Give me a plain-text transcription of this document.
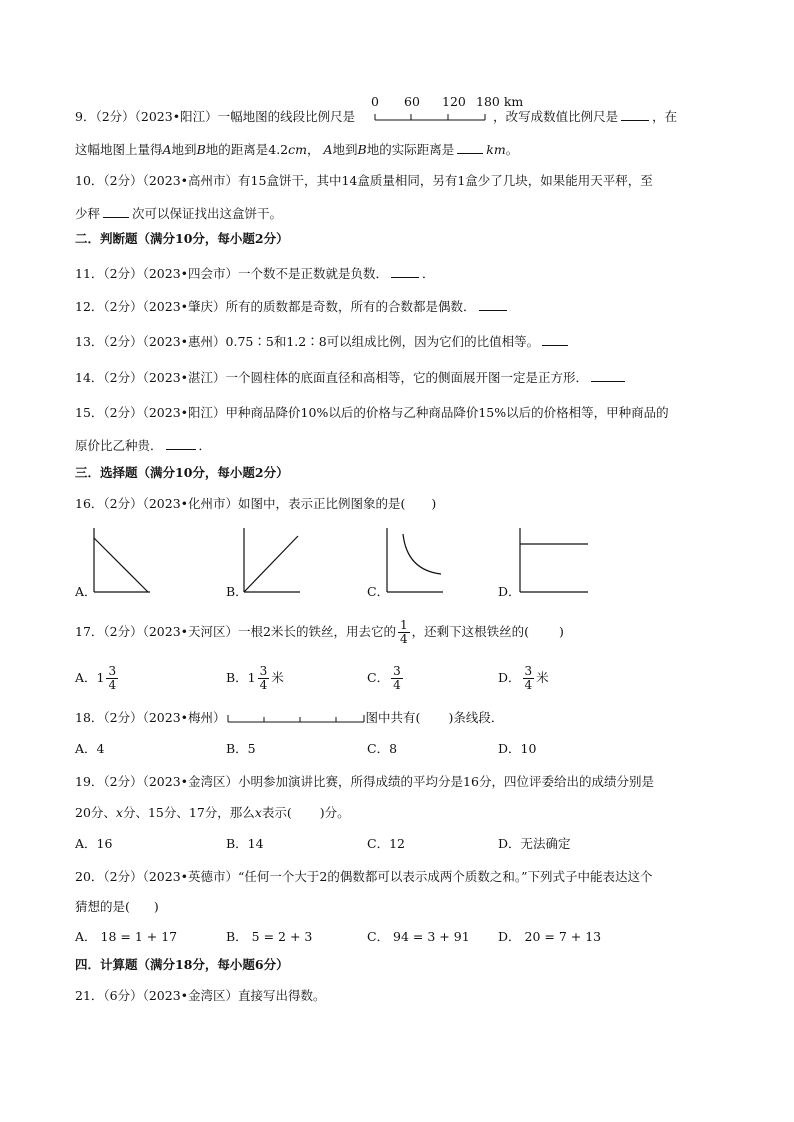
9．（2分）（2023•阳江）一幅地图的线段比例尺是	，改写成数值比例尺是	，在
0 60 120 180 km
这幅地图上量得A地到B地的距离是4.2cm， A地到B地的实际距离是	km。
10．（2分）（2023•高州市）有15盒饼干，其中14盒质量相同，另有1盒少了几块，如果能用天平秤，至
少秤	次可以保证找出这盒饼干。
二．判断题（满分10分，每小题2分）
11．（2分）（2023•四会市）一个数不是正数就是负数．	．
12．（2分）（2023•肇庆）所有的质数都是奇数，所有的合数都是偶数．
13．（2分）（2023•惠州）0.75∶5和1.2∶8可以组成比例，因为它们的比值相等。
14．（2分）（2023•湛江）一个圆柱体的底面直径和高相等，它的侧面展开图一定是正方形．
15．（2分）（2023•阳江）甲种商品降价10%以后的价格与乙种商品降价15%以后的价格相等，甲种商品的
原价比乙种贵．	．
三．选择题（满分10分，每小题2分）
16．（2分）（2023•化州市）如图中，表示正比例图象的是( )
A．	B．	C．	D．
17．（2分）（2023•天河区）一根2米长的铁丝，用去它的 $\frac{1}{4}$ ，还剩下这根铁丝的( )
A．$1 \frac{3}{4}$	B．$1 \frac{3}{4}$ 米	C． $\frac{3}{4}$	D． $\frac{3}{4}$ 米
18．（2分）（2023•梅州）	图中共有( )条线段．
A．4	B．5	C．8	D．10
19．（2分）（2023•金湾区）小明参加演讲比赛，所得成绩的平均分是16分，四位评委给出的成绩分别是
20分、x分、15分、17分，那么x表示( )分。
A．16	B．14	C．12	D．无法确定
20．（2分）（2023•英德市）“任何一个大于2的偶数都可以表示成两个质数之和。”下列式子中能表达这个
猜想的是( )
A． 18 = 1 + 17	B． 5 = 2 + 3	C． 94 = 3 + 91 D． 20 = 7 + 13
四．计算题（满分18分，每小题6分）
21．（6分）（2023•金湾区）直接写出得数。
